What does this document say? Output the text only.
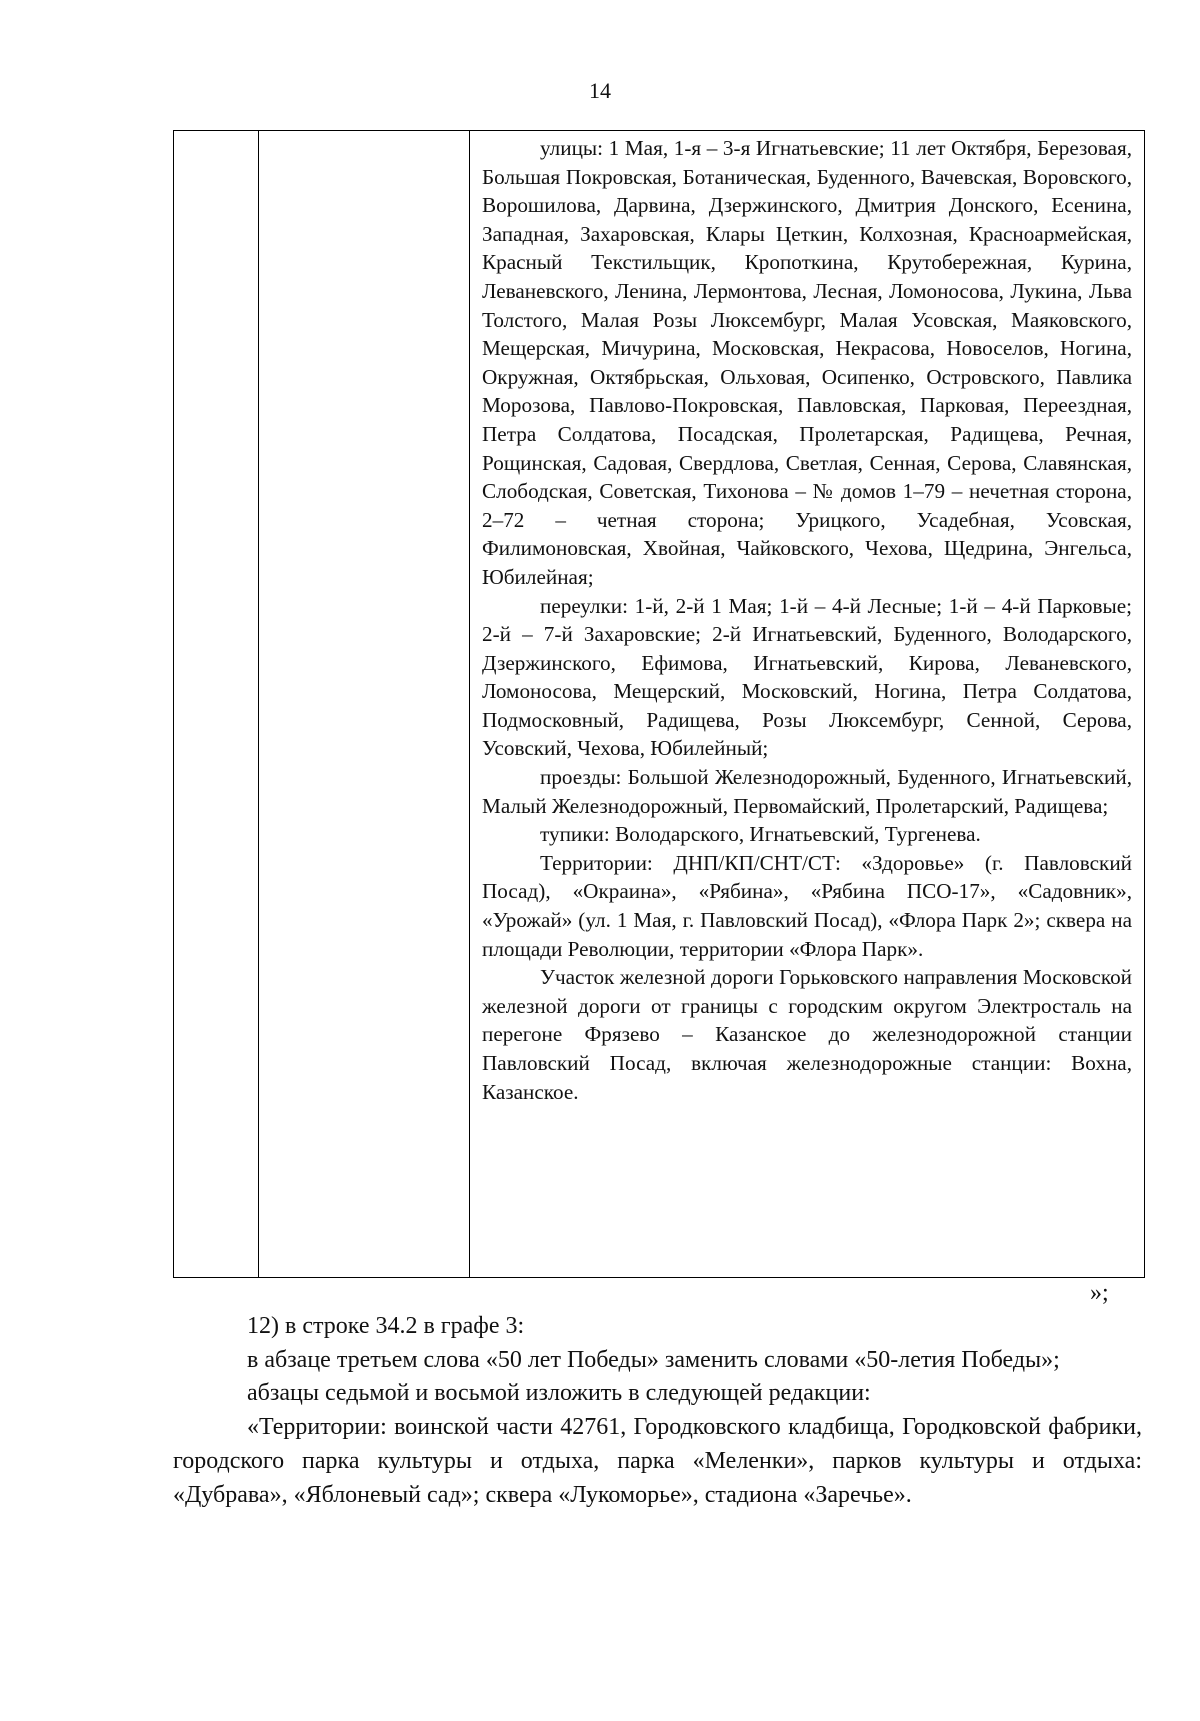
14

улицы: 1 Мая, 1-я – 3-я Игнатьевские; 11 лет Октября, Березовая, Большая Покровская, Ботаническая, Буденного, Вачевская, Воровского, Ворошилова, Дарвина, Дзержинского, Дмитрия Донского, Есенина, Западная, Захаровская, Клары Цеткин, Колхозная, Красноармейская, Красный Текстильщик, Кропоткина, Крутобережная, Курина, Леваневского, Ленина, Лермонтова, Лесная, Ломоносова, Лукина, Льва Толстого, Малая Розы Люксембург, Малая Усовская, Маяковского, Мещерская, Мичурина, Московская, Некрасова, Новоселов, Ногина, Окружная, Октябрьская, Ольховая, Осипенко, Островского, Павлика Морозова, Павлово-Покровская, Павловская, Парковая, Переездная, Петра Солдатова, Посадская, Пролетарская, Радищева, Речная, Рощинская, Садовая, Свердлова, Светлая, Сенная, Серова, Славянская, Слободская, Советская, Тихонова – № домов 1–79 – нечетная сторона, 2–72 – четная сторона; Урицкого, Усадебная, Усовская, Филимоновская, Хвойная, Чайковского, Чехова, Щедрина, Энгельса, Юбилейная;

переулки: 1-й, 2-й 1 Мая; 1-й – 4-й Лесные; 1-й – 4-й Парковые; 2-й – 7-й Захаровские; 2-й Игнатьевский, Буденного, Володарского, Дзержинского, Ефимова, Игнатьевский, Кирова, Леваневского, Ломоносова, Мещерский, Московский, Ногина, Петра Солдатова, Подмосковный, Радищева, Розы Люксембург, Сенной, Серова, Усовский, Чехова, Юбилейный;

проезды: Большой Железнодорожный, Буденного, Игнатьевский, Малый Железнодорожный, Первомайский, Пролетарский, Радищева;

тупики: Володарского, Игнатьевский, Тургенева.

Территории: ДНП/КП/СНТ/СТ: «Здоровье» (г. Павловский Посад), «Окраина», «Рябина», «Рябина ПСО-17», «Садовник», «Урожай» (ул. 1 Мая, г. Павловский Посад), «Флора Парк 2»; сквера на площади Революции, территории «Флора Парк».

Участок железной дороги Горьковского направления Московской железной дороги от границы с городским округом Электросталь на перегоне Фрязево – Казанское до железнодорожной станции Павловский Посад, включая железнодорожные станции: Вохна, Казанское.

»;

12) в строке 34.2 в графе 3:

в абзаце третьем слова «50 лет Победы» заменить словами «50-летия Победы»;

абзацы седьмой и восьмой изложить в следующей редакции:

«Территории: воинской части 42761, Городковского кладбища, Городковской фабрики, городского парка культуры и отдыха, парка «Меленки», парков культуры и отдыха: «Дубрава», «Яблоневый сад»; сквера «Лукоморье», стадиона «Заречье».
